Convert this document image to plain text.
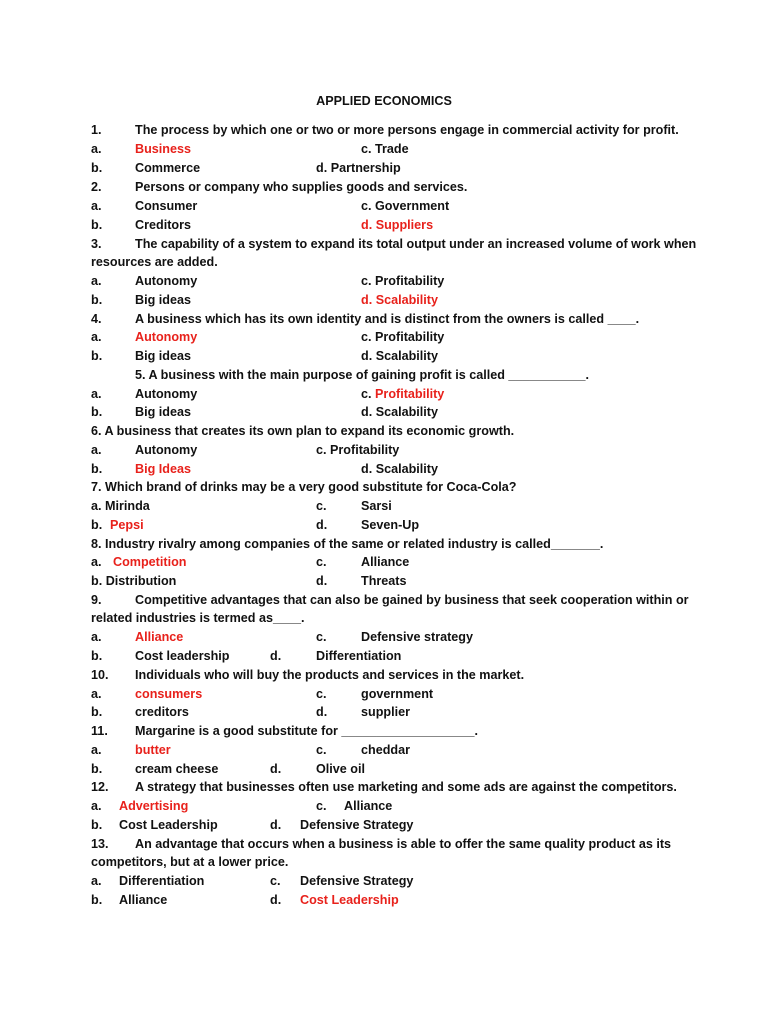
APPLIED ECONOMICS
1.	The process by which one or two or more persons engage in commercial activity for profit.
a.	Business	c. Trade
b.	Commerce	d. Partnership
2.	Persons or company who supplies goods and services.
a.	Consumer	c. Government
b.	Creditors	d. Suppliers
3.	The capability of a system to expand its total output under an increased volume of work when
resources are added.
a.	Autonomy	c. Profitability
b.	Big ideas	d. Scalability
4.	A business which has its own identity and is distinct from the owners is called ____.
a.	Autonomy	c. Profitability
b.	Big ideas	d. Scalability
5. A business with the main purpose of gaining profit is called ___________.
a.	Autonomy	c. Profitability
b.	Big ideas	d. Scalability
6. A business that creates its own plan to expand its economic growth.
a.	Autonomy	c. Profitability
b.	Big Ideas	d. Scalability
7. Which brand of drinks may be a very good substitute for Coca-Cola?
a. Mirinda	c.	Sarsi
b. Pepsi	d.	Seven-Up
8. Industry rivalry among companies of the same or related industry is called_______.
a. Competition	c.	Alliance
b. Distribution	d.	Threats
9.	Competitive advantages that can also be gained by business that seek cooperation within or
related industries is termed as____.
a.	Alliance	c.	Defensive strategy
b.	Cost leadership	d.	Differentiation
10. Individuals who will buy the products and services in the market.
a.	consumers	c.	government
b.	creditors	d.	supplier
11. Margarine is a good substitute for ___________________.
a.	butter	c.	cheddar
b.	cream cheese	d.	Olive oil
12. A strategy that businesses often use marketing and some ads are against the competitors.
a. Advertising	c. Alliance
b. Cost Leadership	d. Defensive Strategy
13. An advantage that occurs when a business is able to offer the same quality product as its
competitors, but at a lower price.
a. Differentiation	c. Defensive Strategy
b. Alliance	d. Cost Leadership
